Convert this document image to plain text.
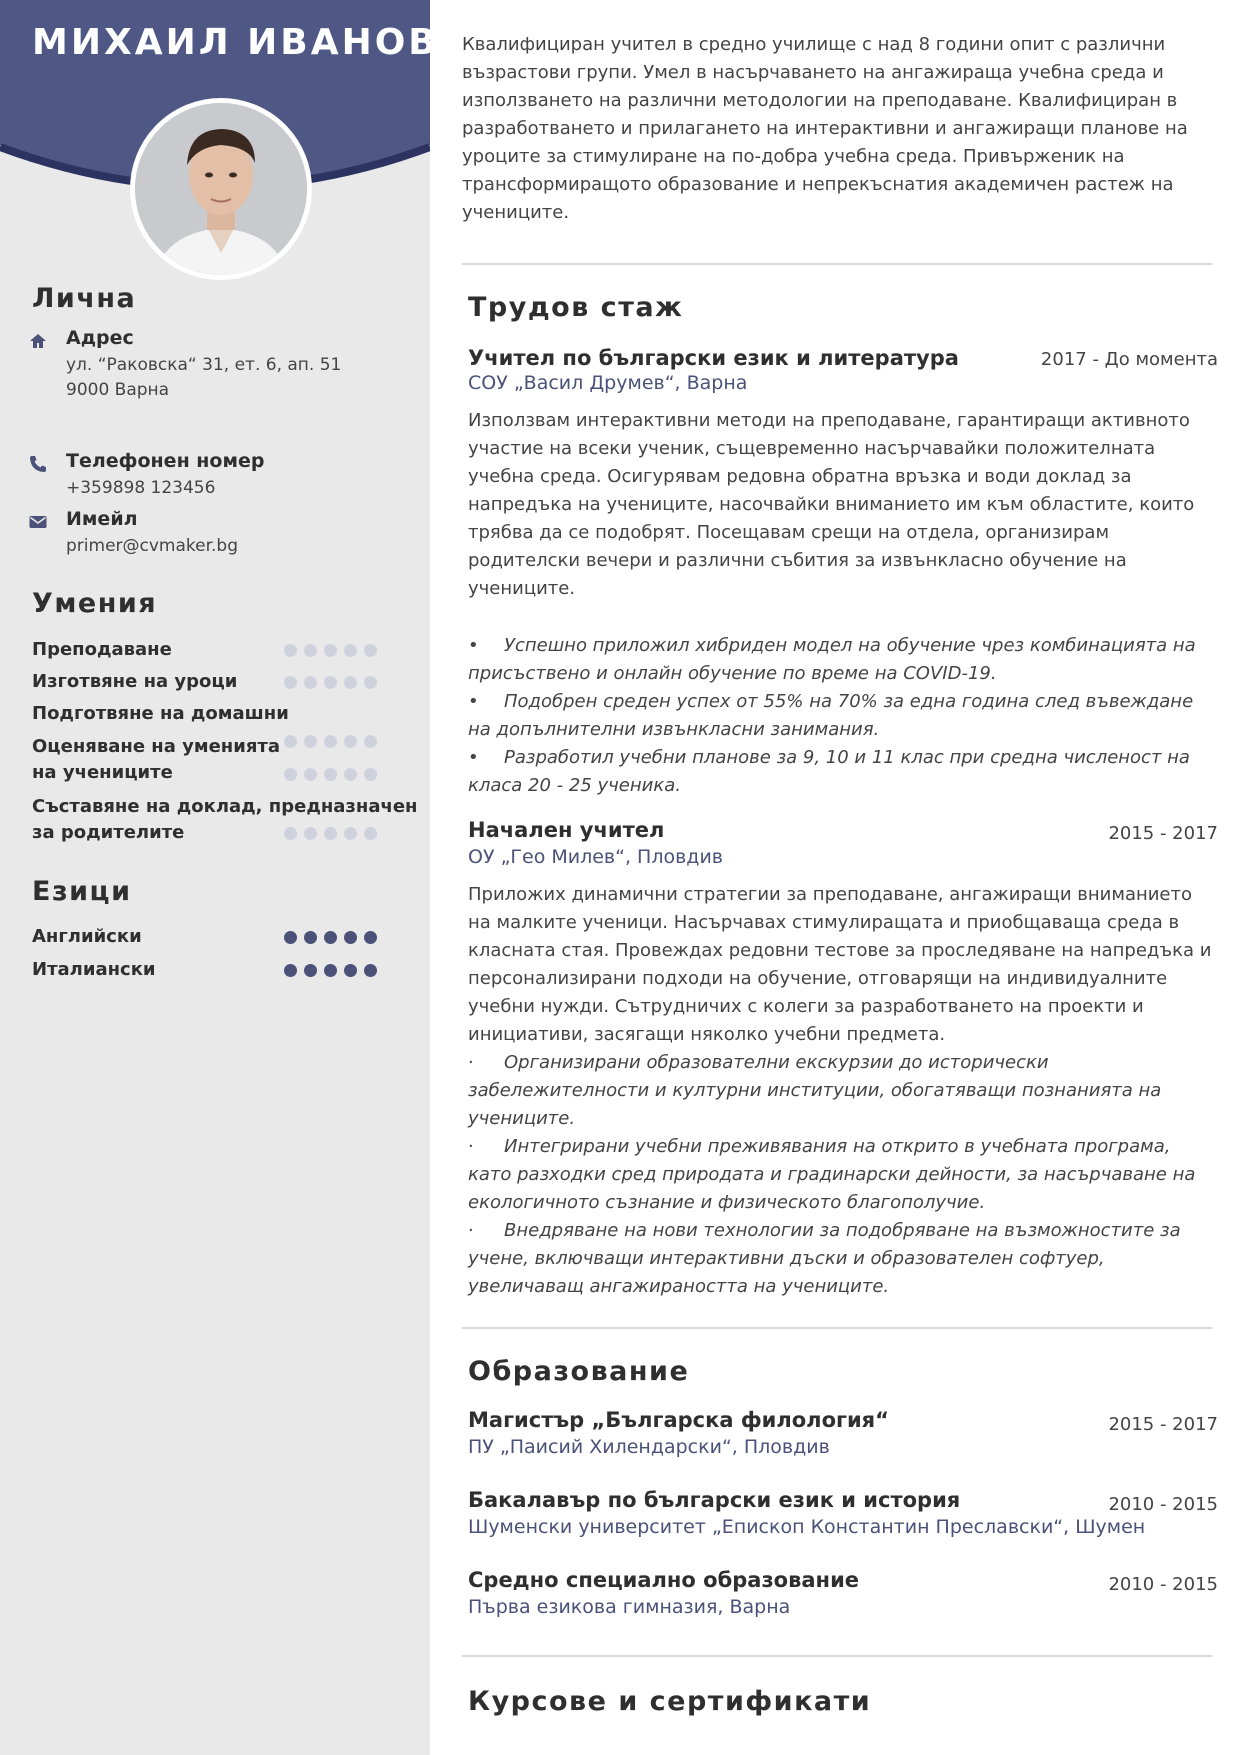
МИХАИЛ ИВАНОВ
Лична
Адрес
ул. “Раковска“ 31, ет. 6, ап. 51
9000 Варна
Телефонен номер
+359898 123456
Имейл
primer@cvmaker.bg
Умения
Преподаване
Изготвяне на уроци
Подготвяне на домашни
Оценяване на уменията на учениците
Съставяне на доклад, предназначен за родителите
Езици
Английски
Италиански
Квалифициран учител в средно училище с над 8 години опит с различни възрастови групи. Умел в насърчаването на ангажираща учебна среда и използването на различни методологии на преподаване. Квалифициран в разработването и прилагането на интерактивни и ангажиращи планове на уроците за стимулиране на по-добра учебна среда. Привърженик на трансформиращото образование и непрекъснатия академичен растеж на учениците.
Трудов стаж
Учител по български език и литература	2017 - До момента
СОУ „Васил Друмев“, Варна
Използвам интерактивни методи на преподаване, гарантиращи активното участие на всеки ученик, същевременно насърчавайки положителната учебна среда. Осигурявам редовна обратна връзка и води доклад за напредъка на учениците, насочвайки вниманието им към областите, които трябва да се подобрят. Посещавам срещи на отдела, организирам родителски вечери и различни събития за извънкласно обучение на учениците.
• Успешно приложил хибриден модел на обучение чрез комбинацията на присъствено и онлайн обучение по време на COVID-19.
• Подобрен среден успех от 55% на 70% за една година след въвеждане на допълнителни извънкласни занимания.
• Разработил учебни планове за 9, 10 и 11 клас при средна численост на класа 20 - 25 ученика.
Начален учител	2015 - 2017
ОУ „Гео Милев“, Пловдив
Приложих динамични стратегии за преподаване, ангажиращи вниманието на малките ученици. Насърчавах стимулиращата и приобщаваща среда в класната стая. Провеждах редовни тестове за проследяване на напредъка и персонализирани подходи на обучение, отговарящи на индивидуалните учебни нужди. Сътрудничих с колеги за разработването на проекти и инициативи, засягащи няколко учебни предмета.
· Организирани образователни екскурзии до исторически забележителности и културни институции, обогатяващи познанията на учениците.
· Интегрирани учебни преживявания на открито в учебната програма, като разходки сред природата и градинарски дейности, за насърчаване на екологичното съзнание и физическото благополучие.
· Внедряване на нови технологии за подобряване на възможностите за учене, включващи интерактивни дъски и образователен софтуер, увеличаващ ангажираността на учениците.
Образование
Магистър „Българска филология“	2015 - 2017
ПУ „Паисий Хилендарски“, Пловдив
Бакалавър по български език и история	2010 - 2015
Шуменски университет „Епископ Константин Преславски“, Шумен
Средно специално образование	2010 - 2015
Първа езикова гимназия, Варна
Курсове и сертификати
